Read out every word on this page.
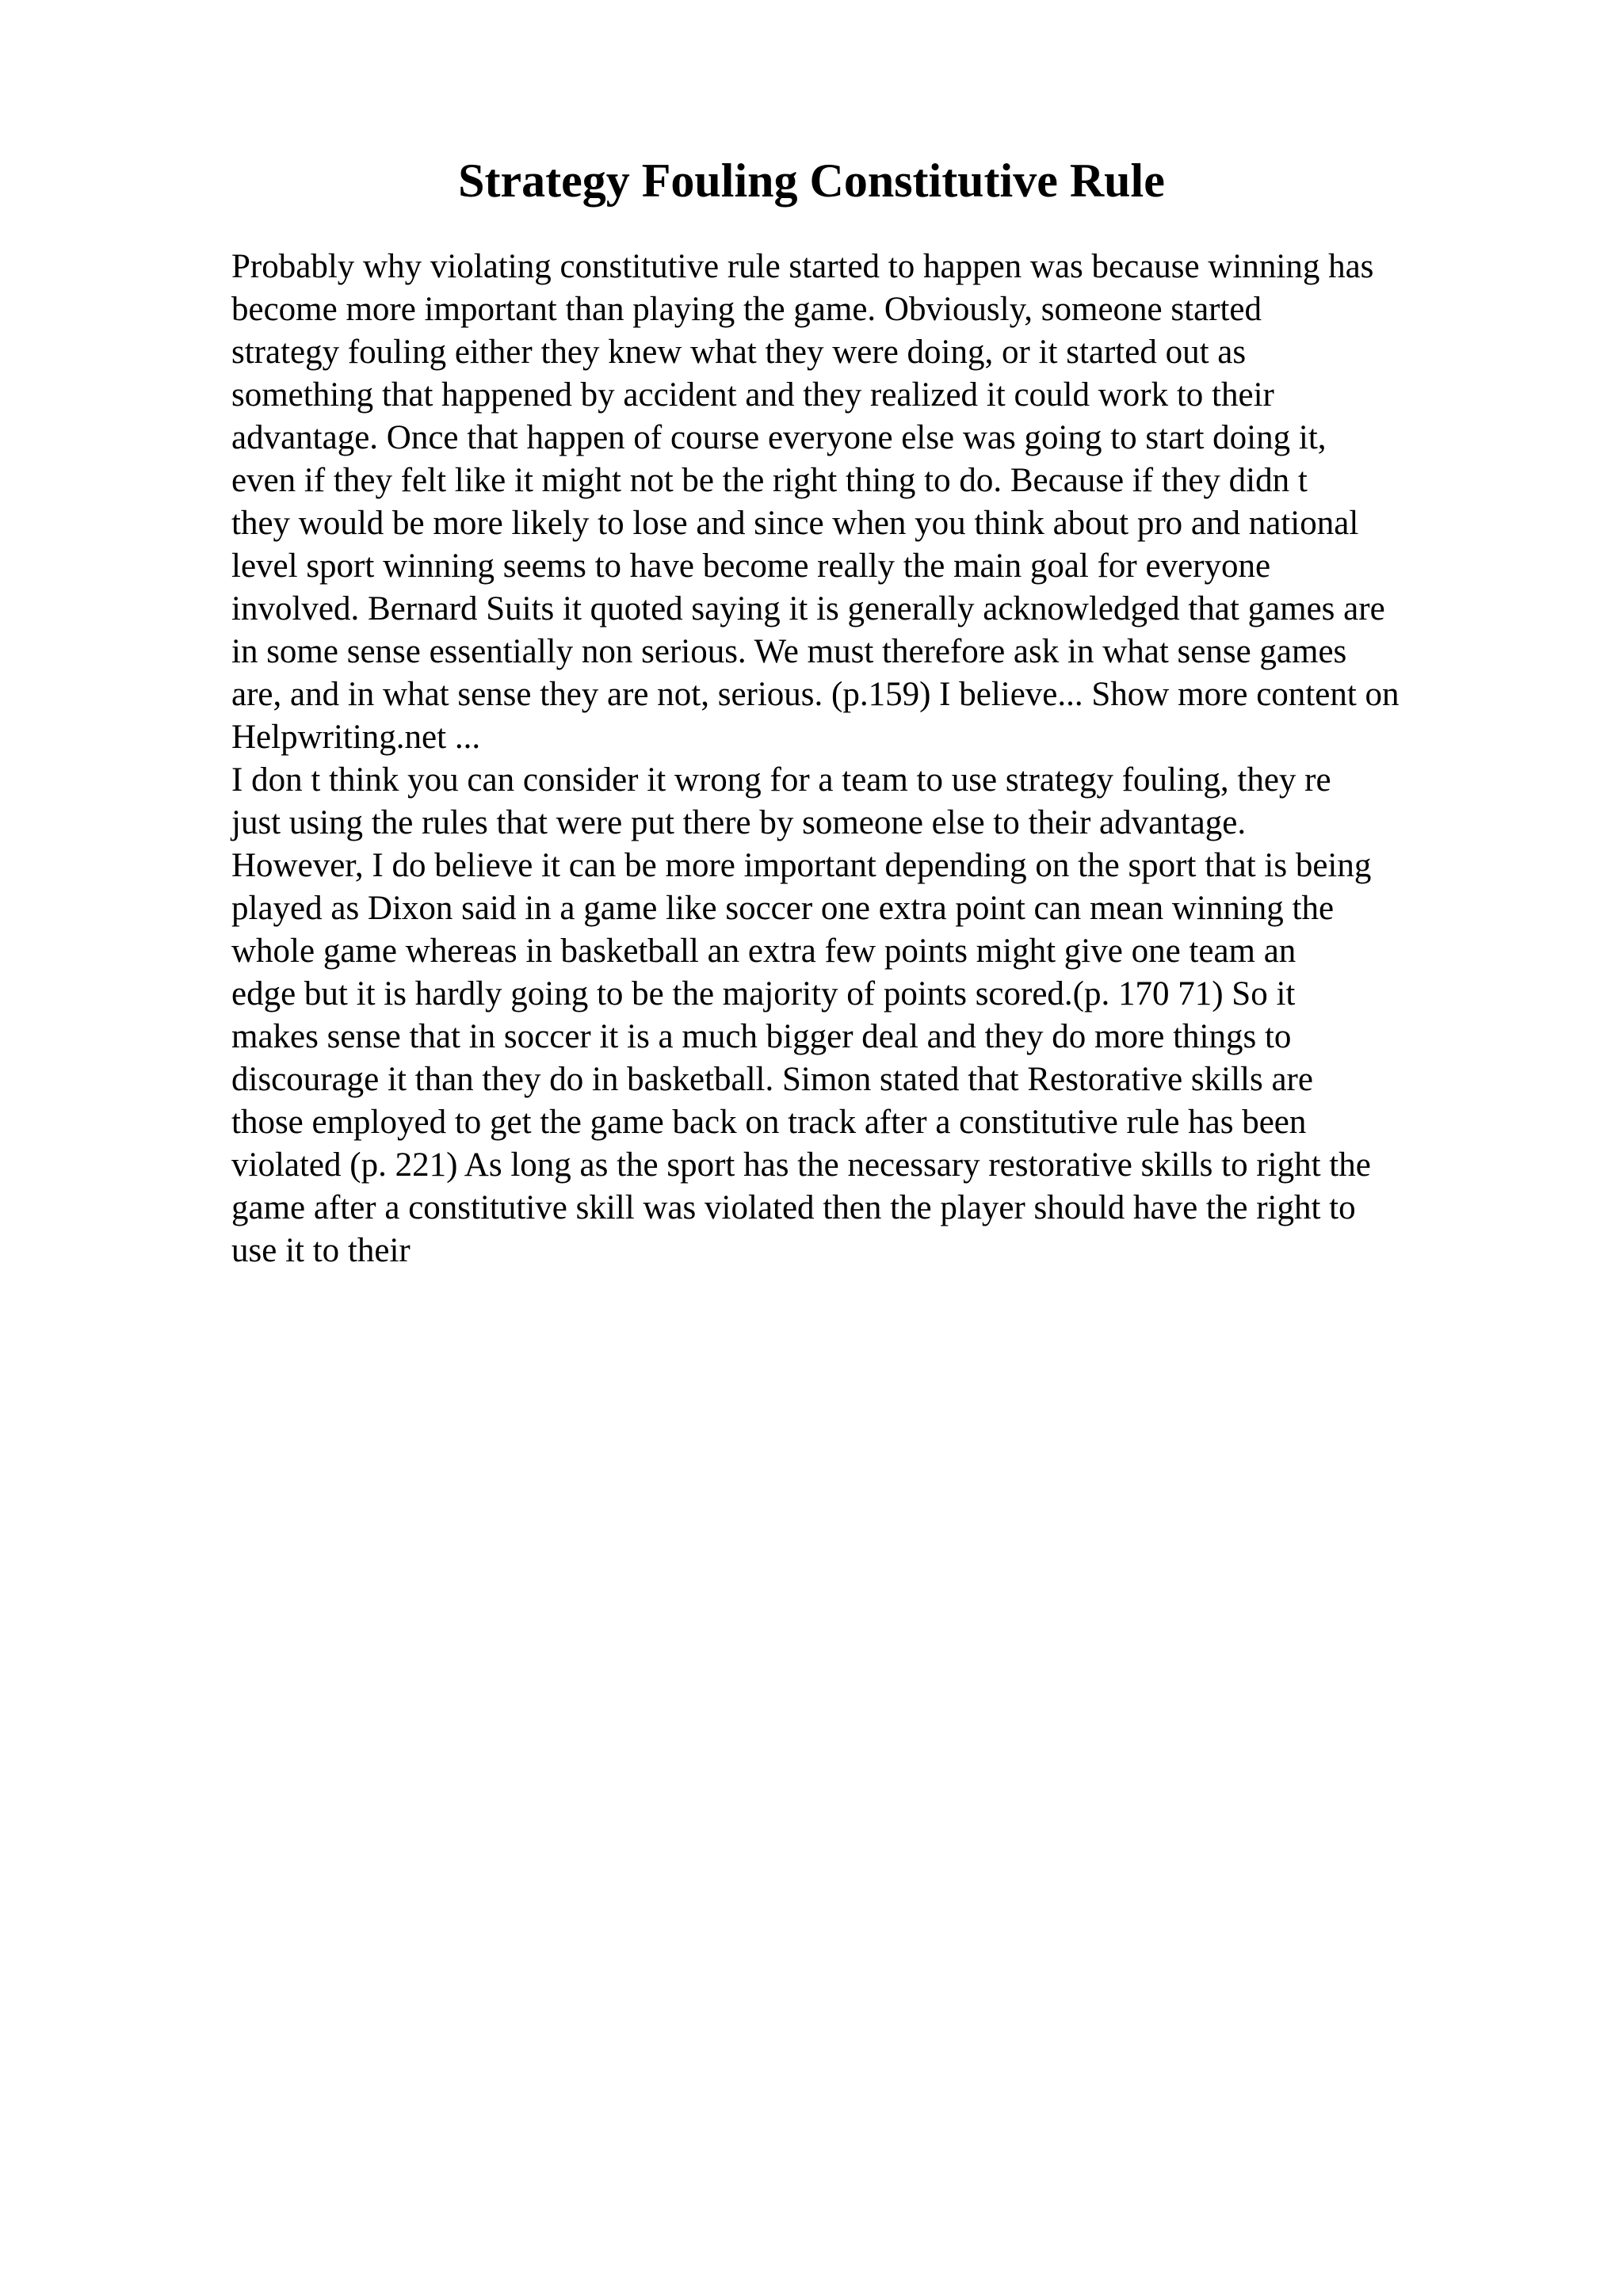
Strategy Fouling Constitutive Rule
Probably why violating constitutive rule started to happen was because winning has
become more important than playing the game. Obviously, someone started
strategy fouling either they knew what they were doing, or it started out as
something that happened by accident and they realized it could work to their
advantage. Once that happen of course everyone else was going to start doing it,
even if they felt like it might not be the right thing to do. Because if they didn t
they would be more likely to lose and since when you think about pro and national
level sport winning seems to have become really the main goal for everyone
involved. Bernard Suits it quoted saying it is generally acknowledged that games are
in some sense essentially non serious. We must therefore ask in what sense games
are, and in what sense they are not, serious. (p.159) I believe... Show more content on
Helpwriting.net ...
I don t think you can consider it wrong for a team to use strategy fouling, they re
just using the rules that were put there by someone else to their advantage.
However, I do believe it can be more important depending on the sport that is being
played as Dixon said in a game like soccer one extra point can mean winning the
whole game whereas in basketball an extra few points might give one team an
edge but it is hardly going to be the majority of points scored.(p. 170 71) So it
makes sense that in soccer it is a much bigger deal and they do more things to
discourage it than they do in basketball. Simon stated that Restorative skills are
those employed to get the game back on track after a constitutive rule has been
violated (p. 221) As long as the sport has the necessary restorative skills to right the
game after a constitutive skill was violated then the player should have the right to
use it to their
